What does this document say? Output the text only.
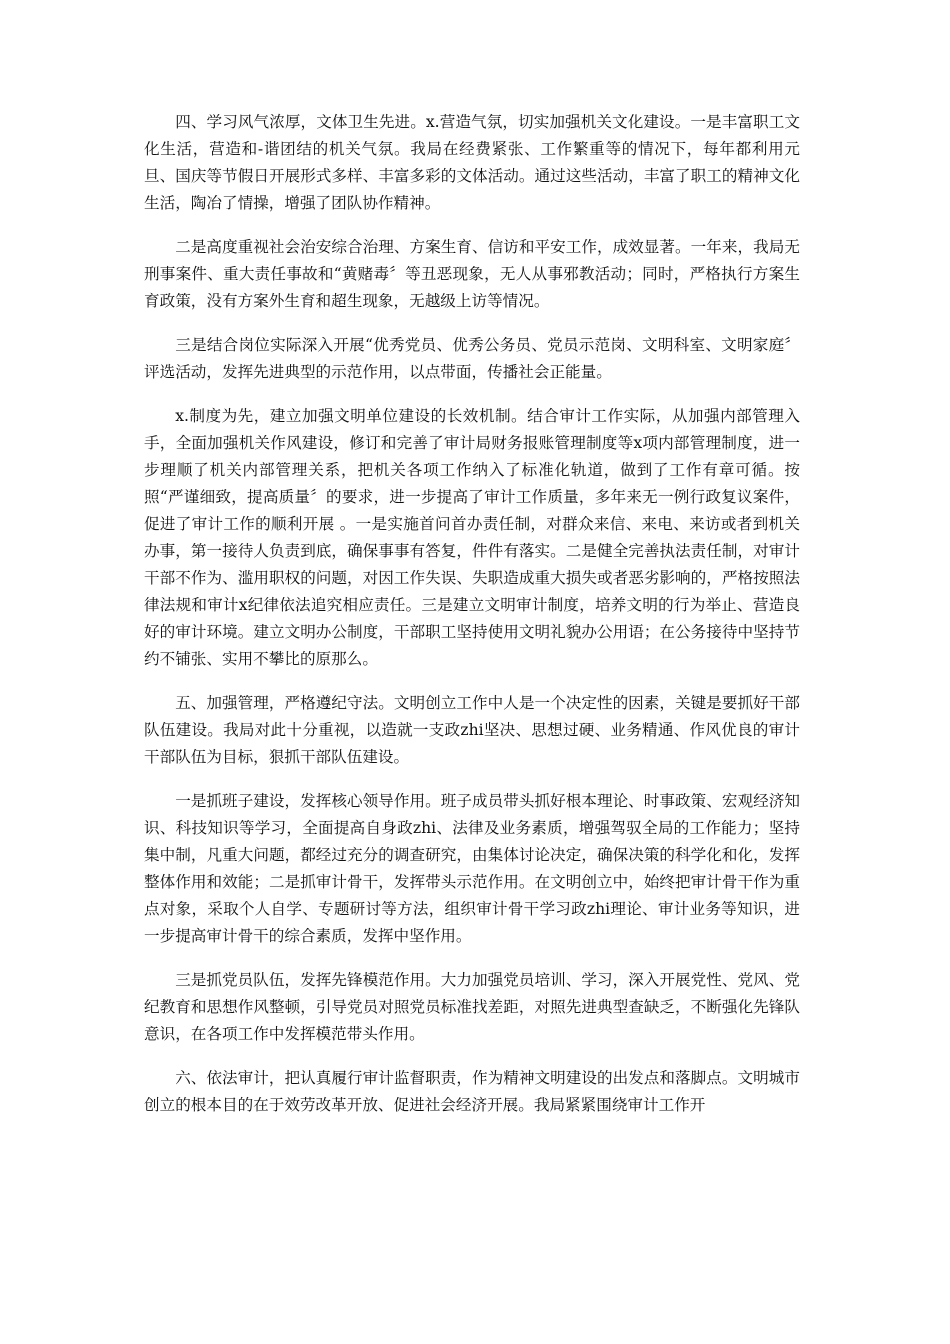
四、学习风气浓厚，文体卫生先进。x.营造气氛，切实加强机关文化建设。一是丰富职工文化生活，营造和-谐团结的机关气氛。我局在经费紧张、工作繁重等的情况下，每年都利用元旦、国庆等节假日开展形式多样、丰富多彩的文体活动。通过这些活动，丰富了职工的精神文化生活，陶冶了情操，增强了团队协作精神。

二是高度重视社会治安综合治理、方案生育、信访和平安工作，成效显著。一年来，我局无刑事案件、重大责任事故和“黄赌毒〞等丑恶现象，无人从事邪教活动；同时，严格执行方案生育政策，没有方案外生育和超生现象，无越级上访等情况。

三是结合岗位实际深入开展“优秀党员、优秀公务员、党员示范岗、文明科室、文明家庭〞评选活动，发挥先进典型的示范作用，以点带面，传播社会正能量。

x.制度为先，建立加强文明单位建设的长效机制。结合审计工作实际，从加强内部管理入手，全面加强机关作风建设，修订和完善了审计局财务报账管理制度等x项内部管理制度，进一步理顺了机关内部管理关系，把机关各项工作纳入了标准化轨道，做到了工作有章可循。按照“严谨细致，提高质量〞的要求，进一步提高了审计工作质量，多年来无一例行政复议案件，促进了审计工作的顺利开展 。一是实施首问首办责任制，对群众来信、来电、来访或者到机关办事，第一接待人负责到底，确保事事有答复，件件有落实。二是健全完善执法责任制，对审计干部不作为、滥用职权的问题，对因工作失误、失职造成重大损失或者恶劣影响的，严格按照法律法规和审计x纪律依法追究相应责任。三是建立文明审计制度，培养文明的行为举止、营造良好的审计环境。建立文明办公制度，干部职工坚持使用文明礼貌办公用语；在公务接待中坚持节约不铺张、实用不攀比的原那么。

五、加强管理，严格遵纪守法。文明创立工作中人是一个决定性的因素，关键是要抓好干部队伍建设。我局对此十分重视，以造就一支政zhi坚决、思想过硬、业务精通、作风优良的审计干部队伍为目标，狠抓干部队伍建设。

一是抓班子建设，发挥核心领导作用。班子成员带头抓好根本理论、时事政策、宏观经济知识、科技知识等学习，全面提高自身政zhi、法律及业务素质，增强驾驭全局的工作能力；坚持集中制，凡重大问题，都经过充分的调查研究，由集体讨论决定，确保决策的科学化和化，发挥整体作用和效能；二是抓审计骨干，发挥带头示范作用。在文明创立中，始终把审计骨干作为重点对象，采取个人自学、专题研讨等方法，组织审计骨干学习政zhi理论、审计业务等知识，进一步提高审计骨干的综合素质，发挥中坚作用。

三是抓党员队伍，发挥先锋模范作用。大力加强党员培训、学习，深入开展党性、党风、党纪教育和思想作风整顿，引导党员对照党员标准找差距，对照先进典型查缺乏，不断强化先锋队意识，在各项工作中发挥模范带头作用。

六、依法审计，把认真履行审计监督职责，作为精神文明建设的出发点和落脚点。文明城市创立的根本目的在于效劳改革开放、促进社会经济开展。我局紧紧围绕审计工作开
